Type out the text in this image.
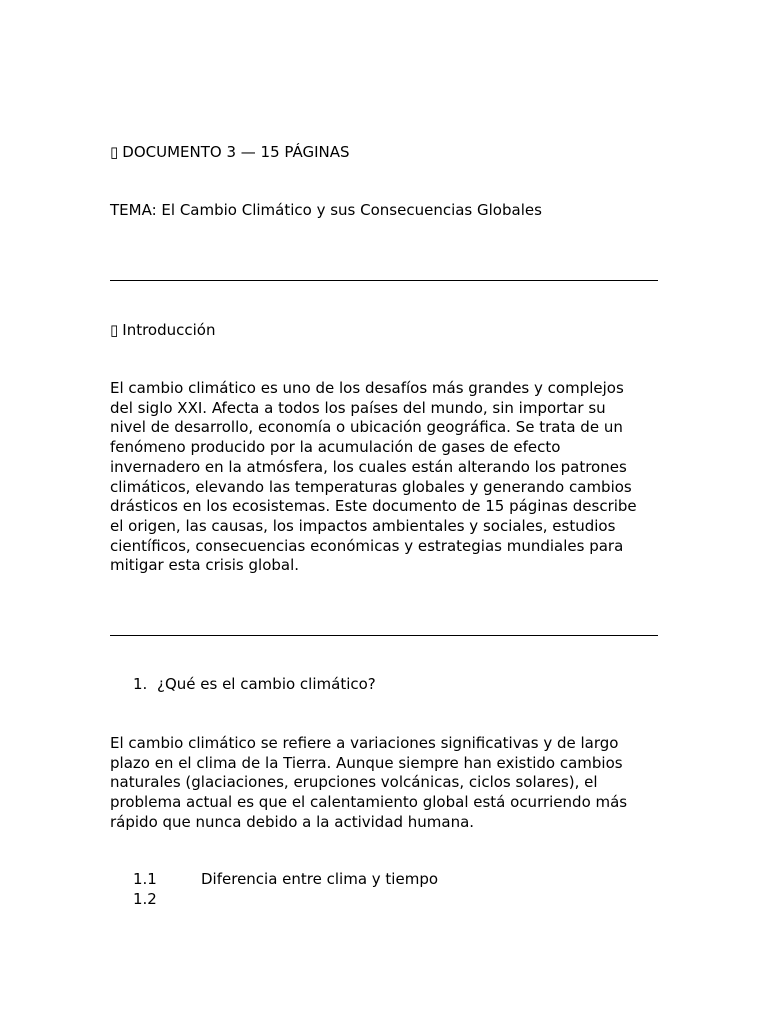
▯ DOCUMENTO 3 — 15 PÁGINAS
TEMA: El Cambio Climático y sus Consecuencias Globales
▯ Introducción
El cambio climático es uno de los desafíos más grandes y complejos
del siglo XXI. Afecta a todos los países del mundo, sin importar su
nivel de desarrollo, economía o ubicación geográfica. Se trata de un
fenómeno producido por la acumulación de gases de efecto
invernadero en la atmósfera, los cuales están alterando los patrones
climáticos, elevando las temperaturas globales y generando cambios
drásticos en los ecosistemas. Este documento de 15 páginas describe
el origen, las causas, los impactos ambientales y sociales, estudios
científicos, consecuencias económicas y estrategias mundiales para
mitigar esta crisis global.
1. ¿Qué es el cambio climático?
El cambio climático se refiere a variaciones significativas y de largo
plazo en el clima de la Tierra. Aunque siempre han existido cambios
naturales (glaciaciones, erupciones volcánicas, ciclos solares), el
problema actual es que el calentamiento global está ocurriendo más
rápido que nunca debido a la actividad humana.
1.1	Diferencia entre clima y tiempo
1.2
